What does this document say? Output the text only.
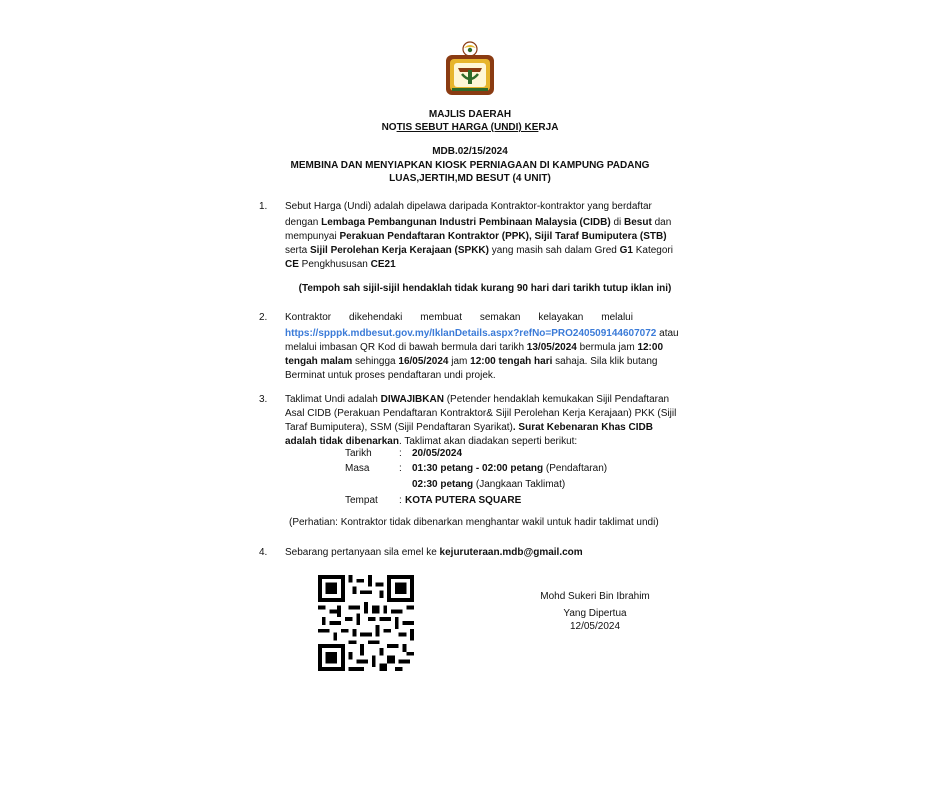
MAJLIS DAERAH
NOTIS SEBUT HARGA (UNDI) KERJA
MDB.02/15/2024
MEMBINA DAN MENYIAPKAN KIOSK PERNIAGAAN DI KAMPUNG PADANG
LUAS,JERTIH,MD BESUT (4 UNIT)
1. Sebut Harga (Undi) adalah dipelawa daripada Kontraktor-kontraktor yang berdaftar
dengan Lembaga Pembangunan Industri Pembinaan Malaysia (CIDB) di Besut dan
mempunyai Perakuan Pendaftaran Kontraktor (PPK), Sijil Taraf Bumiputera (STB)
serta Sijil Perolehan Kerja Kerajaan (SPKK) yang masih sah dalam Gred G1 Kategori
CE Pengkhususan CE21
(Tempoh sah sijil-sijil hendaklah tidak kurang 90 hari dari tarikh tutup iklan ini)
2. Kontraktor dikehendaki membuat semakan kelayakan melalui
https://spppk.mdbesut.gov.my/IklanDetails.aspx?refNo=PRO240509144607072 atau
melalui imbasan QR Kod di bawah bermula dari tarikh 13/05/2024 bermula jam 12:00
tengah malam sehingga 16/05/2024 jam 12:00 tengah hari sahaja. Sila klik butang
Berminat untuk proses pendaftaran undi projek.
3. Taklimat Undi adalah DIWAJIBKAN (Petender hendaklah kemukakan Sijil Pendaftaran
Asal CIDB (Perakuan Pendaftaran Kontraktor& Sijil Perolehan Kerja Kerajaan) PKK (Sijil
Taraf Bumiputera), SSM (Sijil Pendaftaran Syarikat). Surat Kebenaran Khas CIDB
adalah tidak dibenarkan. Taklimat akan diadakan seperti berikut:
Tarikh	: 20/05/2024
Masa	: 01:30 petang - 02:00 petang (Pendaftaran)
02:30 petang (Jangkaan Taklimat)
Tempat : KOTA PUTERA SQUARE
(Perhatian: Kontraktor tidak dibenarkan menghantar wakil untuk hadir taklimat undi)
4. Sebarang pertanyaan sila emel ke kejuruteraan.mdb@gmail.com
Mohd Sukeri Bin Ibrahim
Yang Dipertua
12/05/2024
